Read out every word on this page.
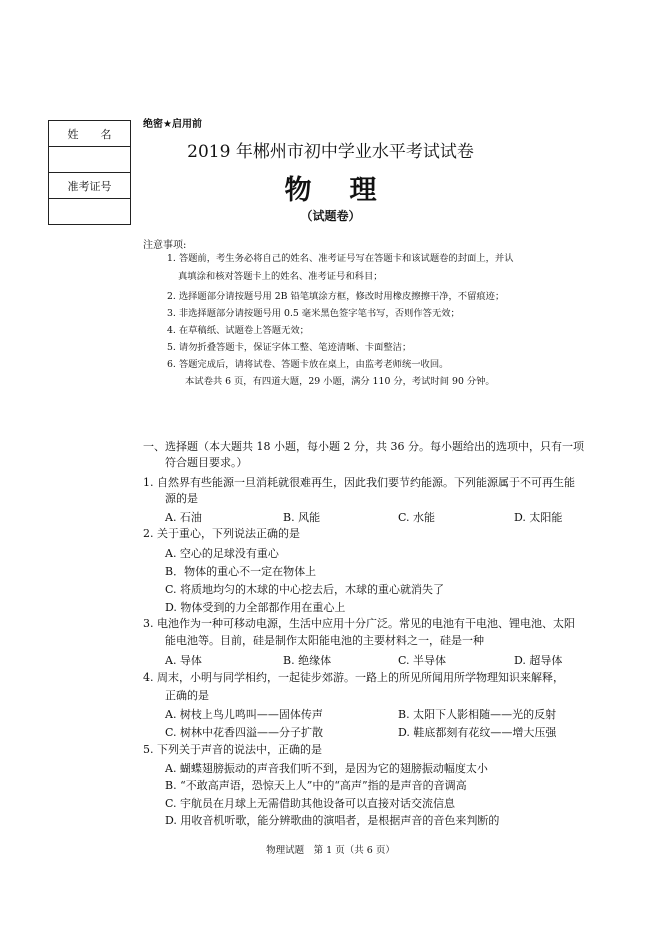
姓　　名
准考证号
绝密★启用前
2019 年郴州市初中学业水平考试试卷
物理
（试题卷）
注意事项:
1. 答题前，考生务必将自己的姓名、准考证号写在答题卡和该试题卷的封面上，并认
真填涂和核对答题卡上的姓名、准考证号和科目；
2. 选择题部分请按题号用 2B 铅笔填涂方框，修改时用橡皮擦擦干净，不留痕迹；
3. 非选择题部分请按题号用 0.5 毫米黑色签字笔书写，否则作答无效；
4. 在草稿纸、试题卷上答题无效；
5. 请勿折叠答题卡，保证字体工整、笔迹清晰、卡面整洁；
6. 答题完成后，请将试卷、答题卡放在桌上，由监考老师统一收回。
本试卷共 6 页，有四道大题，29 小题，满分 110 分，考试时间 90 分钟。
一、选择题（本大题共 18 小题，每小题 2 分，共 36 分。每小题给出的选项中，只有一项
符合题目要求。）
1. 自然界有些能源一旦消耗就很难再生，因此我们要节约能源。下列能源属于不可再生能
源的是
A. 石油	B. 风能	C. 水能	D. 太阳能
2. 关于重心，下列说法正确的是
A. 空心的足球没有重心
B．物体的重心不一定在物体上
C. 将质地均匀的木球的中心挖去后，木球的重心就消失了
D. 物体受到的力全部都作用在重心上
3. 电池作为一种可移动电源，生活中应用十分广泛。常见的电池有干电池、锂电池、太阳
能电池等。目前，硅是制作太阳能电池的主要材料之一，硅是一种
A. 导体	B. 绝缘体	C. 半导体	D. 超导体
4. 周末，小明与同学相约，一起徒步郊游。一路上的所见所闻用所学物理知识来解释，
正确的是
A. 树枝上鸟儿鸣叫——固体传声	B. 太阳下人影相随——光的反射
C. 树林中花香四溢——分子扩散	D. 鞋底都刻有花纹——增大压强
5. 下列关于声音的说法中，正确的是
A. 蝴蝶翅膀振动的声音我们听不到，是因为它的翅膀振动幅度太小
B. “不敢高声语，恐惊天上人”中的“高声”指的是声音的音调高
C. 宇航员在月球上无需借助其他设备可以直接对话交流信息
D. 用收音机听歌，能分辨歌曲的演唱者，是根据声音的音色来判断的
物理试题　第 1 页（共 6 页）
